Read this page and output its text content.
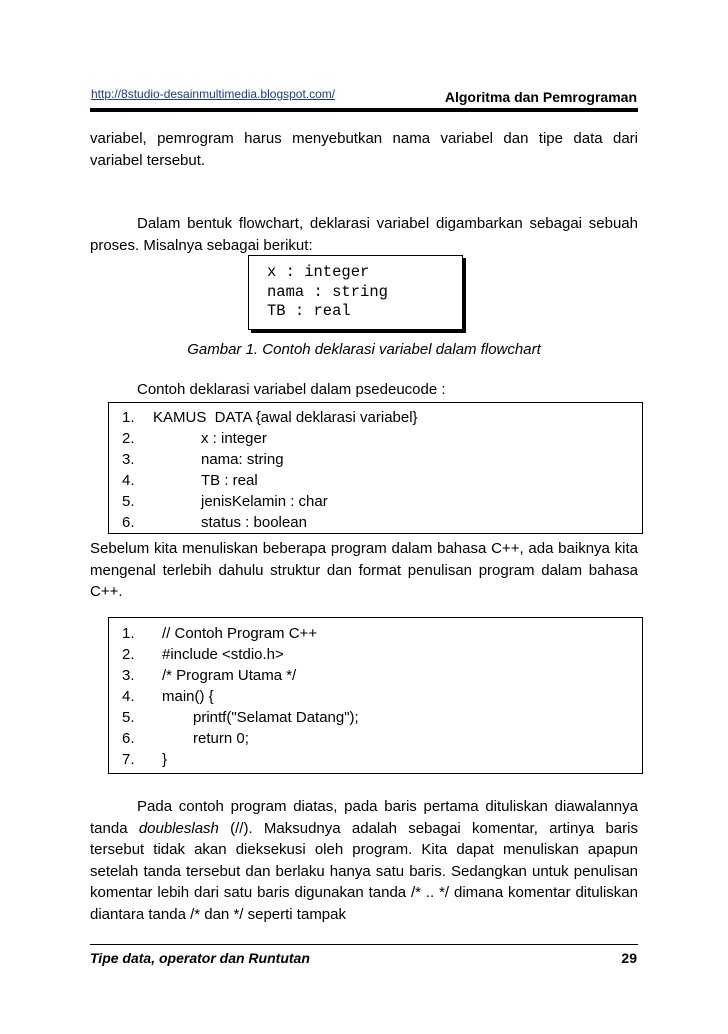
http://8studio-desainmultimedia.blogspot.com/	Algoritma dan Pemrograman
variabel, pemrogram harus menyebutkan nama variabel dan tipe data dari variabel tersebut.
Dalam bentuk flowchart, deklarasi variabel digambarkan sebagai sebuah proses. Misalnya sebagai berikut:
x : integer
nama : string
TB : real
Gambar 1. Contoh deklarasi variabel dalam flowchart
Contoh deklarasi variabel dalam psedeucode :
1. KAMUS  DATA {awal deklarasi variabel}
2.	x : integer
3.	nama: string
4.	TB : real
5.	jenisKelamin : char
6.	status : boolean
Sebelum kita menuliskan beberapa program dalam bahasa C++, ada baiknya kita mengenal terlebih dahulu struktur dan format penulisan program dalam bahasa C++.
1. // Contoh Program C++
2. #include <stdio.h>
3. /* Program Utama */
4. main() {
5.	printf("Selamat Datang");
6.	return 0;
7. }
Pada contoh program diatas, pada baris pertama dituliskan diawalannya tanda doubleslash (//). Maksudnya adalah sebagai komentar, artinya baris tersebut tidak akan dieksekusi oleh program. Kita dapat menuliskan apapun setelah tanda tersebut dan berlaku hanya satu baris. Sedangkan untuk penulisan komentar lebih dari satu baris digunakan tanda /* .. */ dimana komentar dituliskan diantara tanda /* dan */ seperti tampak
Tipe data, operator dan Runtutan	29
